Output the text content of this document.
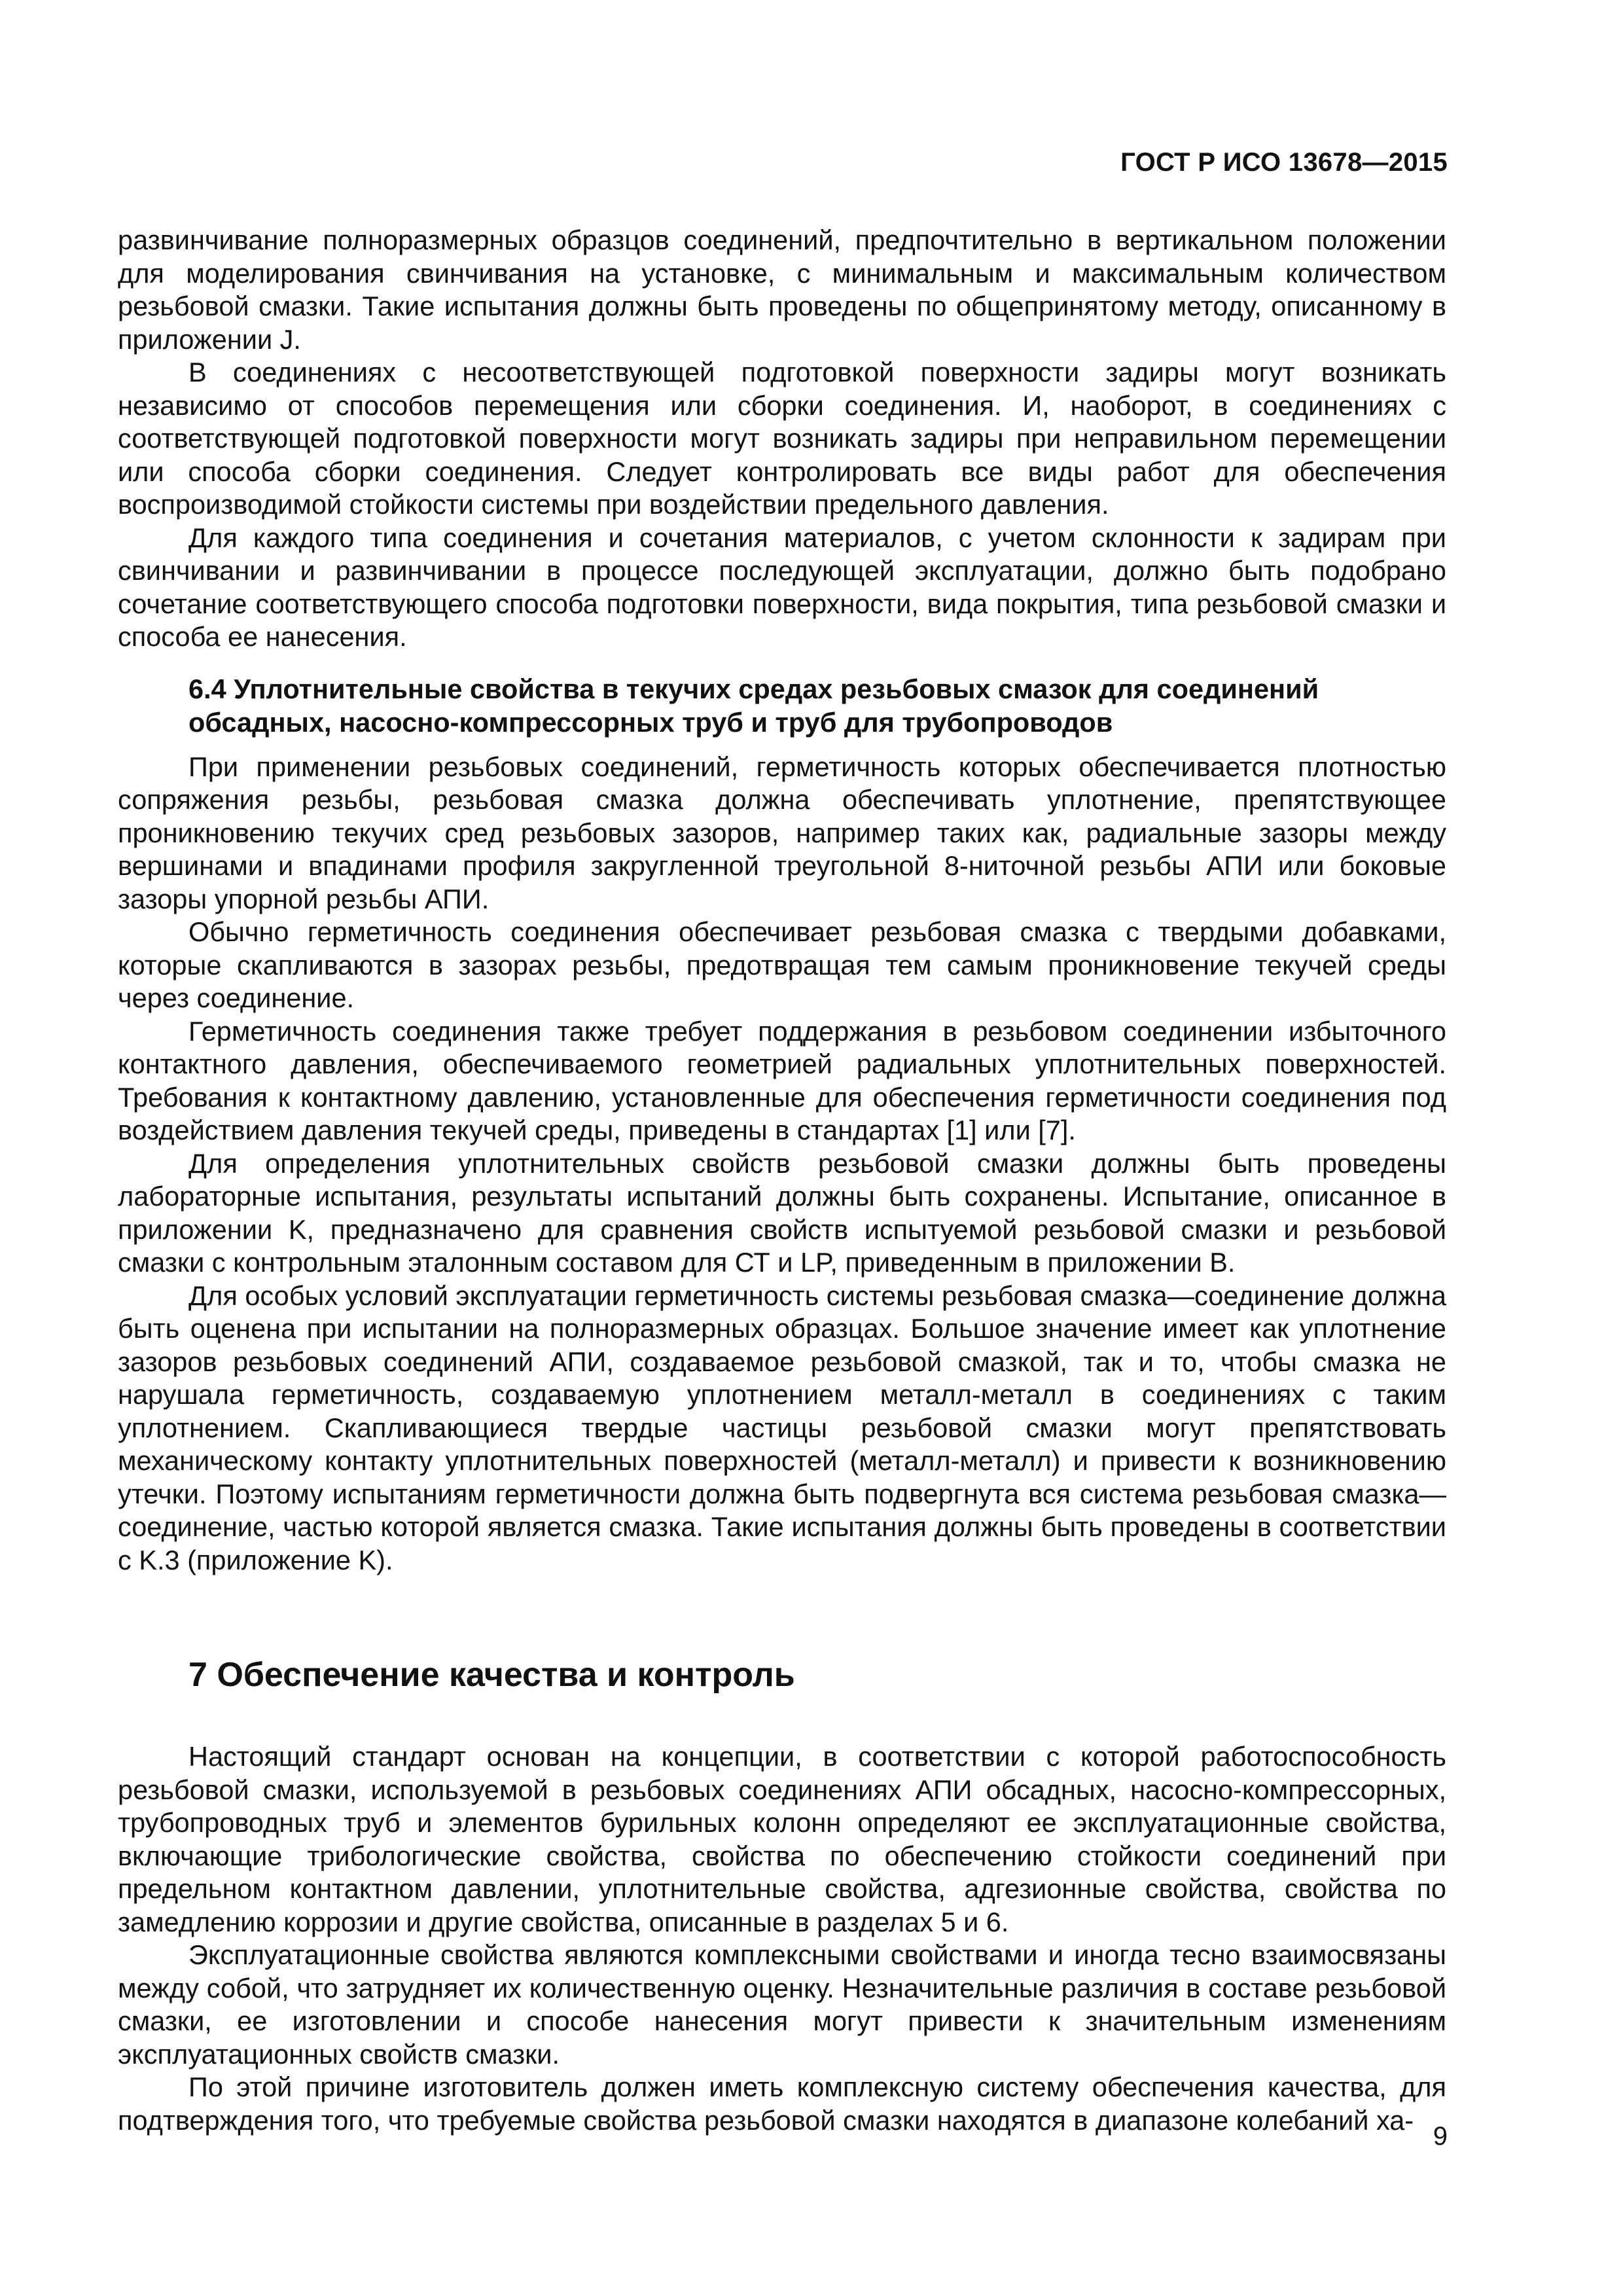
ГОСТ Р ИСО 13678—2015

развинчивание полноразмерных образцов соединений, предпочтительно в вертикальном положении для моделирования свинчивания на установке, с минимальным и максимальным количеством резьбовой смазки. Такие испытания должны быть проведены по общепринятому методу, описанному в приложении J.

В соединениях с несоответствующей подготовкой поверхности задиры могут возникать независимо от способов перемещения или сборки соединения. И, наоборот, в соединениях с соответствующей подготовкой поверхности могут возникать задиры при неправильном перемещении или способа сборки соединения. Следует контролировать все виды работ для обеспечения воспроизводимой стойкости системы при воздействии предельного давления.

Для каждого типа соединения и сочетания материалов, с учетом склонности к задирам при свинчивании и развинчивании в процессе последующей эксплуатации, должно быть подобрано сочетание соответствующего способа подготовки поверхности, вида покрытия, типа резьбовой смазки и способа ее нанесения.

6.4 Уплотнительные свойства в текучих средах резьбовых смазок для соединений
обсадных, насосно-компрессорных труб и труб для трубопроводов

При применении резьбовых соединений, герметичность которых обеспечивается плотностью сопряжения резьбы, резьбовая смазка должна обеспечивать уплотнение, препятствующее проникновению текучих сред резьбовых зазоров, например таких как, радиальные зазоры между вершинами и впадинами профиля закругленной треугольной 8-ниточной резьбы АПИ или боковые зазоры упорной резьбы АПИ.

Обычно герметичность соединения обеспечивает резьбовая смазка с твердыми добавками, которые скапливаются в зазорах резьбы, предотвращая тем самым проникновение текучей среды через соединение.

Герметичность соединения также требует поддержания в резьбовом соединении избыточного контактного давления, обеспечиваемого геометрией радиальных уплотнительных поверхностей. Требования к контактному давлению, установленные для обеспечения герметичности соединения под воздействием давления текучей среды, приведены в стандартах [1] или [7].

Для определения уплотнительных свойств резьбовой смазки должны быть проведены лабораторные испытания, результаты испытаний должны быть сохранены. Испытание, описанное в приложении K, предназначено для сравнения свойств испытуемой резьбовой смазки и резьбовой смазки с контрольным эталонным составом для СТ и LP, приведенным в приложении В.

Для особых условий эксплуатации герметичность системы резьбовая смазка—соединение должна быть оценена при испытании на полноразмерных образцах. Большое значение имеет как уплотнение зазоров резьбовых соединений АПИ, создаваемое резьбовой смазкой, так и то, чтобы смазка не нарушала герметичность, создаваемую уплотнением металл-металл в соединениях с таким уплотнением. Скапливающиеся твердые частицы резьбовой смазки могут препятствовать механическому контакту уплотнительных поверхностей (металл-металл) и привести к возникновению утечки. Поэтому испытаниям герметичности должна быть подвергнута вся система резьбовая смазка—соединение, частью которой является смазка. Такие испытания должны быть проведены в соответствии с K.3 (приложение K).

7 Обеспечение качества и контроль

Настоящий стандарт основан на концепции, в соответствии с которой работоспособность резьбовой смазки, используемой в резьбовых соединениях АПИ обсадных, насосно-компрессорных, трубопроводных труб и элементов бурильных колонн определяют ее эксплуатационные свойства, включающие трибологические свойства, свойства по обеспечению стойкости соединений при предельном контактном давлении, уплотнительные свойства, адгезионные свойства, свойства по замедлению коррозии и другие свойства, описанные в разделах 5 и 6.

Эксплуатационные свойства являются комплексными свойствами и иногда тесно взаимосвязаны между собой, что затрудняет их количественную оценку. Незначительные различия в составе резьбовой смазки, ее изготовлении и способе нанесения могут привести к значительным изменениям эксплуатационных свойств смазки.

По этой причине изготовитель должен иметь комплексную систему обеспечения качества, для подтверждения того, что требуемые свойства резьбовой смазки находятся в диапазоне колебаний ха-

9
